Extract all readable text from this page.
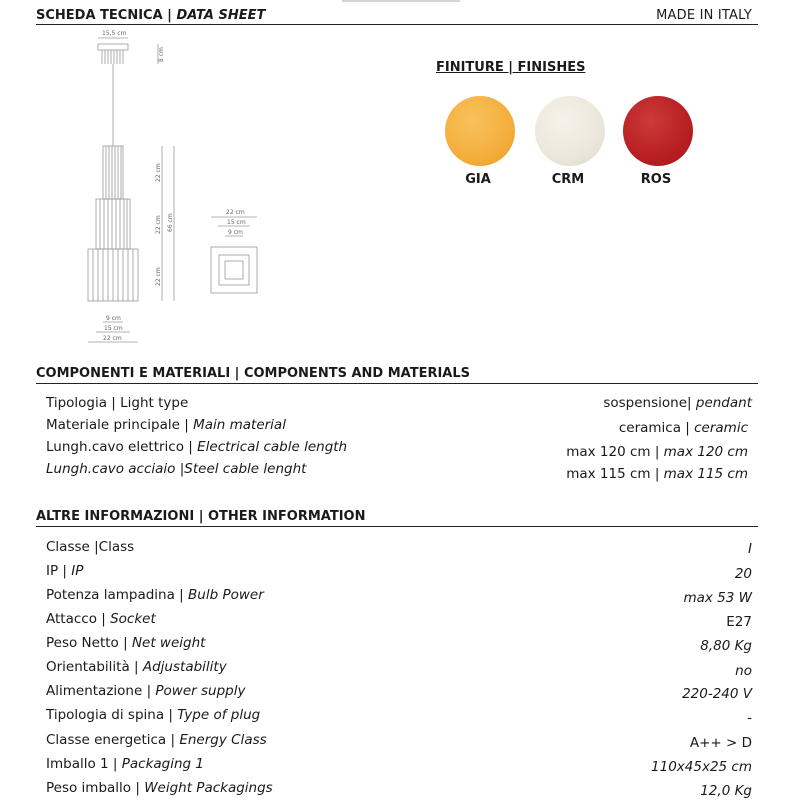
SCHEDA TECNICA | DATA SHEET	MADE IN ITALY
15,5 cm
8 cm
22 cm
22 cm
22 cm
66 cm
9 cm
15 cm
22 cm
22 cm
15 cm
9 cm
FINITURE | FINISHES
GIA	CRM	ROS
COMPONENTI E MATERIALI | COMPONENTS AND MATERIALS
Tipologia | Light type	sospensione| pendant
Materiale principale | Main material	ceramica | ceramic
Lungh.cavo elettrico | Electrical cable length	max 120 cm | max 120 cm
Lungh.cavo acciaio |Steel cable lenght	max 115 cm | max 115 cm
ALTRE INFORMAZIONI | OTHER INFORMATION
Classe |Class	I
IP | IP	20
Potenza lampadina | Bulb Power	max 53 W
Attacco | Socket	E27
Peso Netto | Net weight	8,80 Kg
Orientabilità | Adjustability	no
Alimentazione | Power supply	220-240 V
Tipologia di spina | Type of plug	-
Classe energetica | Energy Class	A++ > D
Imballo 1 | Packaging 1	110x45x25 cm
Peso imballo | Weight Packagings	12,0 Kg
